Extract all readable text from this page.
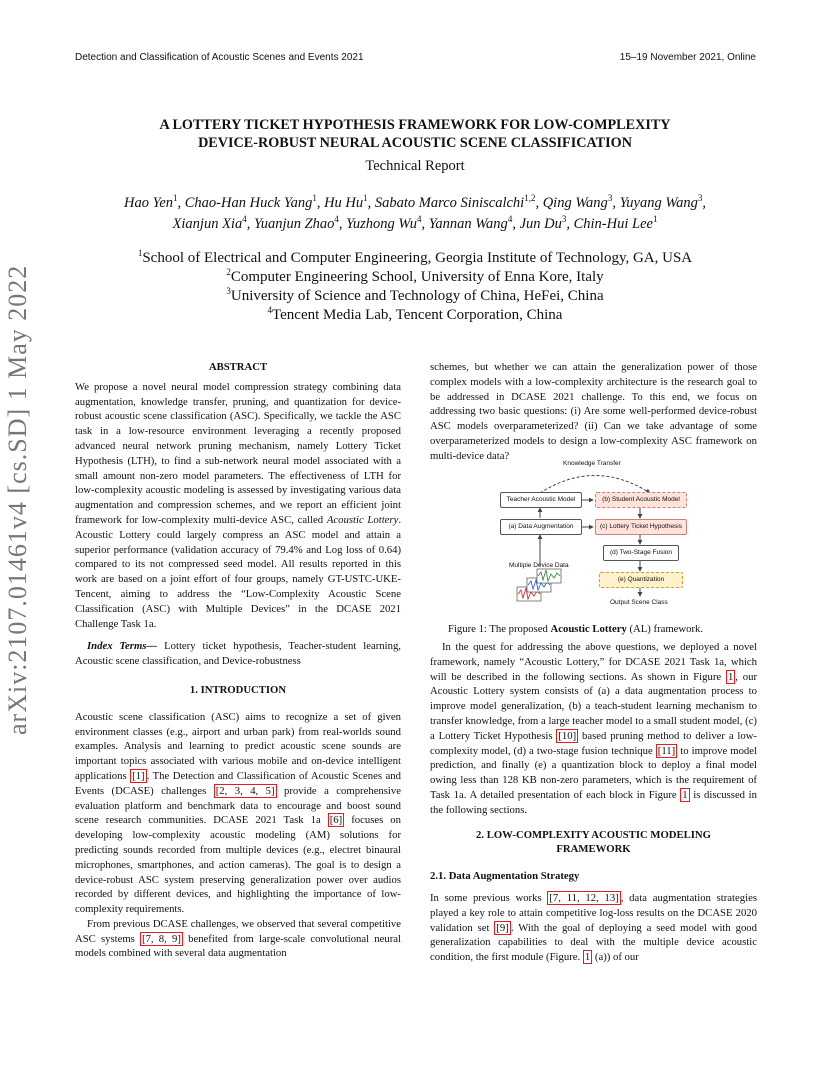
Detection and Classification of Acoustic Scenes and Events 2021	15–19 November 2021, Online
arXiv:2107.01461v4 [cs.SD] 1 May 2022
A LOTTERY TICKET HYPOTHESIS FRAMEWORK FOR LOW-COMPLEXITY
DEVICE-ROBUST NEURAL ACOUSTIC SCENE CLASSIFICATION
Technical Report
Hao Yen$^1$, Chao-Han Huck Yang$^1$, Hu Hu$^1$, Sabato Marco Siniscalchi$^{1,2}$, Qing Wang$^3$, Yuyang Wang$^3$,
Xianjun Xia$^4$, Yuanjun Zhao$^4$, Yuzhong Wu$^4$, Yannan Wang$^4$, Jun Du$^3$, Chin-Hui Lee$^1$
$^1$School of Electrical and Computer Engineering, Georgia Institute of Technology, GA, USA
$^2$Computer Engineering School, University of Enna Kore, Italy
$^3$University of Science and Technology of China, HeFei, China
$^4$Tencent Media Lab, Tencent Corporation, China

ABSTRACT

We propose a novel neural model compression strategy combining data augmentation, knowledge transfer, pruning, and quantization for device-robust acoustic scene classification (ASC). Specifically, we tackle the ASC task in a low-resource environment leveraging a recently proposed advanced neural network pruning mechanism, namely Lottery Ticket Hypothesis (LTH), to find a sub-network neural model associated with a small amount non-zero model parameters. The effectiveness of LTH for low-complexity acoustic modeling is assessed by investigating various data augmentation and compression schemes, and we report an efficient joint framework for low-complexity multi-device ASC, called Acoustic Lottery. Acoustic Lottery could largely compress an ASC model and attain a superior performance (validation accuracy of 79.4% and Log loss of 0.64) compared to its not compressed seed model. All results reported in this work are based on a joint effort of four groups, namely GT-USTC-UKE-Tencent, aiming to address the “Low-Complexity Acoustic Scene Classification (ASC) with Multiple Devices” in the DCASE 2021 Challenge Task 1a.

Index Terms— Lottery ticket hypothesis, Teacher-student learning, Acoustic scene classification, and Device-robustness

1. INTRODUCTION

Acoustic scene classification (ASC) aims to recognize a set of given environment classes (e.g., airport and urban park) from real-worlds sound examples. Analysis and learning to predict acoustic scene sounds are important topics associated with various mobile and on-device intelligent applications [1] . The Detection and Classification of Acoustic Scenes and Events (DCASE) challenges [2, 3, 4, 5] provide a comprehensive evaluation platform and benchmark data to encourage and boost sound scene research communities. DCASE 2021 Task 1a [6] focuses on developing low-complexity acoustic modeling (AM) solutions for predicting sounds recorded from multiple devices (e.g., electret binaural microphones, smartphones, and action cameras). The goal is to design a device-robust ASC system preserving generalization power over audios recorded by different devices, and highlighting the importance of low-complexity requirements.

From previous DCASE challenges, we observed that several competitive ASC systems [7, 8, 9] benefited from large-scale convolutional neural models combined with several data augmentation

schemes, but whether we can attain the generalization power of those complex models with a low-complexity architecture is the research goal to be addressed in DCASE 2021 challenge. To this end, we focus on addressing two basic questions: (i) Are some well-performed device-robust ASC models overparameterized? (ii) Can we take advantage of some overparameterized models to design a low-complexity ASC framework on multi-device data?

Knowledge Transfer
Teacher Acoustic Model	(b) Student Acoustic Model
(a) Data Augmentation	(c) Lottery Ticket Hypothesis
(d) Two-Stage Fusion
Multiple Device Data
(e) Quantization
Output Scene Class
Figure 1: The proposed Acoustic Lottery (AL) framework.

In the quest for addressing the above questions, we deployed a novel framework, namely “Acoustic Lottery,” for DCASE 2021 Task 1a, which will be described in the following sections. As shown in Figure 1 , our Acoustic Lottery system consists of (a) a data augmentation process to improve model generalization, (b) a teach-student learning mechanism to transfer knowledge, from a large teacher model to a small student model, (c) a Lottery Ticket Hypothesis [10] based pruning method to deliver a low-complexity model, (d) a two-stage fusion technique [11] to improve model prediction, and finally (e) a quantization block to deploy a final model owing less than 128 KB non-zero parameters, which is the requirement of Task 1a. A detailed presentation of each block in Figure 1 is discussed in the following sections.

2. LOW-COMPLEXITY ACOUSTIC MODELING
FRAMEWORK

2.1. Data Augmentation Strategy

In some previous works [7, 11, 12, 13] , data augmentation strategies played a key role to attain competitive log-loss results on the DCASE 2020 validation set [9] . With the goal of deploying a seed model with good generalization capabilities to deal with the multiple device acoustic condition, the first module (Figure. 1 (a)) of our
